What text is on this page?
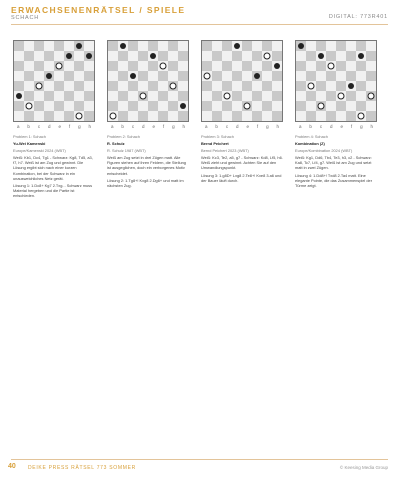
ERWACHSENENRÄTSEL / SPIELE
SCHACH	DIGITAL: 773R401
a b c d e f g h

Problem 1: Schach

Yu-Wei Kamenski

Europe/Kamenski 2024 (WBT)

Weiß: Kb1, Dc4, Tg1 - Schwarz: Kg8, Td5, a3, f7, h7. Weiß ist am Zug und gewinnt. Die Lösung ergibt sich nach einer kurzen Kombination, bei der Schwarz in ein unausweichliches Netz gerät.

Lösung 1: 1.Dc8+ Kg7 2.Txg... Schwarz muss Material hergeben und die Partie ist entschieden.

a b c d e f g h

Problem 2: Schach

R. Schulz

R. Schulz 1987 (WBT)

Weiß am Zug setzt in drei Zügen matt. Alle Figuren stehen auf ihren Feldern, die Stellung ist ausgeglichen, doch ein verborgenes Motiv entscheidet.

Lösung 2: 1.Tg8+! Kxg8 2.Dg6+ und matt im nächsten Zug.

a b c d e f g h

Problem 3: Schach

Bernd Peichert

Bernd Peichert 2023 (WBT)

Weiß: Kc3, Te2, a5, g7 - Schwarz: Kd8, Lf5, h6. Weiß zieht und gewinnt. Achten Sie auf den Umwandlungspunkt.

Lösung 3: 1.g8D+ Lxg8 2.Te8+! Kxe8 3.a6 und der Bauer läuft durch.

a b c d e f g h

Problem 4: Schach

Kombination (Z)

Europe/Kombination 2024 (WBT)

Weiß: Kg1, Dd6, Tb4, Te3, h3, c2 - Schwarz: Ka8, Tc7, Lf4, g7. Weiß ist am Zug und setzt matt in zwei Zügen.

Lösung 4: 1.Dd8+! Txd8 2.Ta4 matt. Eine elegante Pointe, die das Zusammenspiel der Türme zeigt.

40 DEIKE PRESS RÄTSEL 773 SOMMER	© Keesing Media Group
